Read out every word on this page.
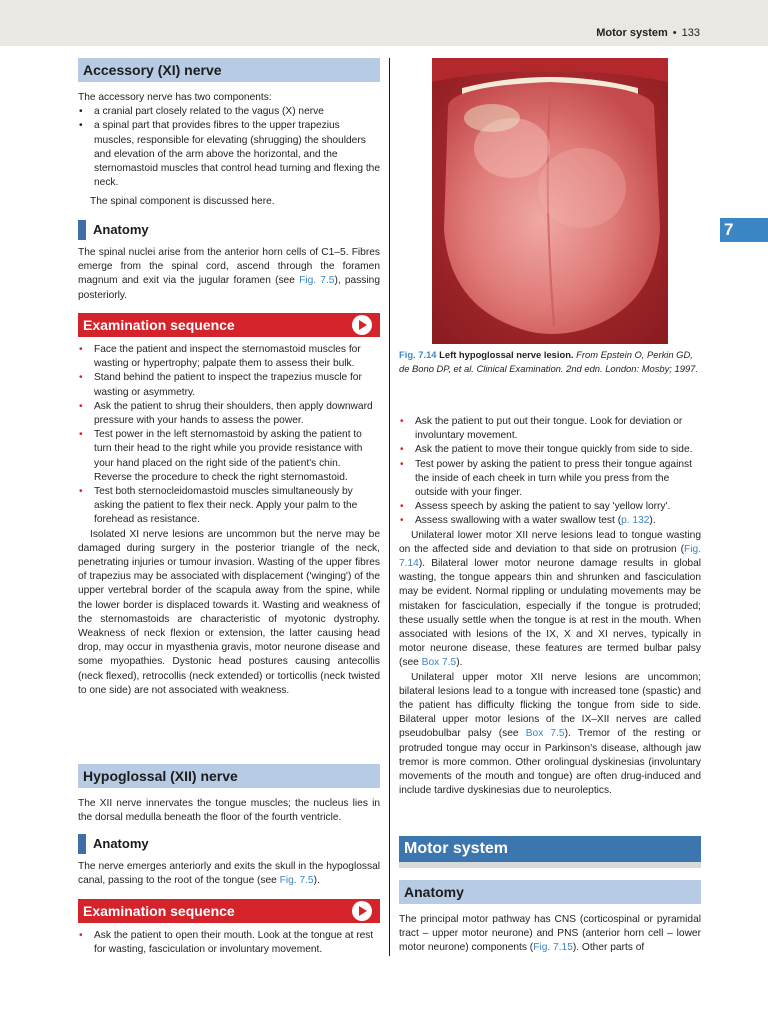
Motor system • 133
7
Accessory (XI) nerve

The accessory nerve has two components:

• a cranial part closely related to the vagus (X) nerve
• a spinal part that provides fibres to the upper trapezius muscles, responsible for elevating (shrugging) the shoulders and elevation of the arm above the horizontal, and the sternomastoid muscles that control head turning and flexing the neck.

The spinal component is discussed here.

Anatomy
The spinal nuclei arise from the anterior horn cells of C1–5. Fibres emerge from the spinal cord, ascend through the foramen magnum and exit via the jugular foramen (see Fig. 7.5), passing posteriorly.
Examination sequence
• Face the patient and inspect the sternomastoid muscles for wasting or hypertrophy; palpate them to assess their bulk.
• Stand behind the patient to inspect the trapezius muscle for wasting or asymmetry.
• Ask the patient to shrug their shoulders, then apply downward pressure with your hands to assess the power.
• Test power in the left sternomastoid by asking the patient to turn their head to the right while you provide resistance with your hand placed on the right side of the patient's chin. Reverse the procedure to check the right sternomastoid.
• Test both sternocleidomastoid muscles simultaneously by asking the patient to flex their neck. Apply your palm to the forehead as resistance.

Isolated XI nerve lesions are uncommon but the nerve may be damaged during surgery in the posterior triangle of the neck, penetrating injuries or tumour invasion. Wasting of the upper fibres of trapezius may be associated with displacement ('winging') of the upper vertebral border of the scapula away from the spine, while the lower border is displaced towards it. Wasting and weakness of the sternomastoids are characteristic of myotonic dystrophy. Weakness of neck flexion or extension, the latter causing head drop, may occur in myasthenia gravis, motor neurone disease and some myopathies. Dystonic head postures causing antecollis (neck flexed), retrocollis (neck extended) or torticollis (neck twisted to one side) are not associated with weakness.

Hypoglossal (XII) nerve
The XII nerve innervates the tongue muscles; the nucleus lies in the dorsal medulla beneath the floor of the fourth ventricle.
Anatomy
The nerve emerges anteriorly and exits the skull in the hypoglossal canal, passing to the root of the tongue (see Fig. 7.5).
Examination sequence
• Ask the patient to open their mouth. Look at the tongue at rest for wasting, fasciculation or involuntary movement.
Fig. 7.14 Left hypoglossal nerve lesion. From Epstein O, Perkin GD, de Bono DP, et al. Clinical Examination. 2nd edn. London: Mosby; 1997.
• Ask the patient to put out their tongue. Look for deviation or involuntary movement.
• Ask the patient to move their tongue quickly from side to side.
• Test power by asking the patient to press their tongue against the inside of each cheek in turn while you press from the outside with your finger.
• Assess speech by asking the patient to say 'yellow lorry'.
• Assess swallowing with a water swallow test (p. 132).

Unilateral lower motor XII nerve lesions lead to tongue wasting on the affected side and deviation to that side on protrusion (Fig. 7.14). Bilateral lower motor neurone damage results in global wasting, the tongue appears thin and shrunken and fasciculation may be evident. Normal rippling or undulating movements may be mistaken for fasciculation, especially if the tongue is protruded; these usually settle when the tongue is at rest in the mouth. When associated with lesions of the IX, X and XI nerves, typically in motor neurone disease, these features are termed bulbar palsy (see Box 7.5).

Unilateral upper motor XII nerve lesions are uncommon; bilateral lesions lead to a tongue with increased tone (spastic) and the patient has difficulty flicking the tongue from side to side. Bilateral upper motor lesions of the IX–XII nerves are called pseudobulbar palsy (see Box 7.5). Tremor of the resting or protruded tongue may occur in Parkinson's disease, although jaw tremor is more common. Other orolingual dyskinesias (involuntary movements of the mouth and tongue) are often drug-induced and include tardive dyskinesias due to neuroleptics.

Motor system
Anatomy
The principal motor pathway has CNS (corticospinal or pyramidal tract – upper motor neurone) and PNS (anterior horn cell – lower motor neurone) components (Fig. 7.15). Other parts of
